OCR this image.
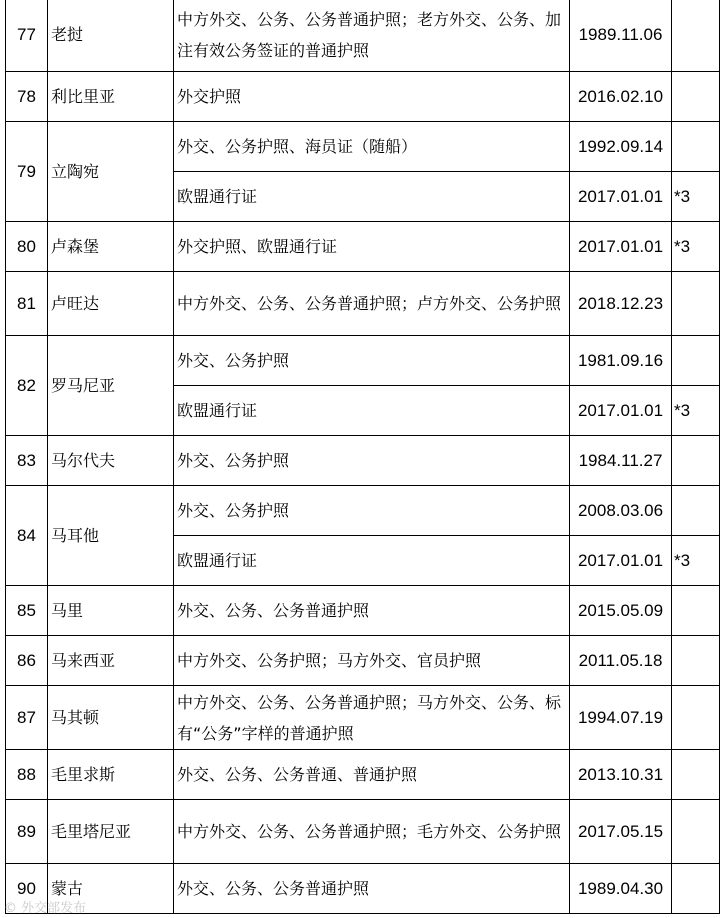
77	老挝	中方外交、公务、公务普通护照；老方外交、公务、加注有效公务签证的普通护照	1989.11.06	
78	利比里亚	外交护照	2016.02.10	
79	立陶宛	外交、公务护照、海员证（随船）	1992.09.14	
		欧盟通行证	2017.01.01	*3
80	卢森堡	外交护照、欧盟通行证	2017.01.01	*3
81	卢旺达	中方外交、公务、公务普通护照；卢方外交、公务护照	2018.12.23	
82	罗马尼亚	外交、公务护照	1981.09.16	
		欧盟通行证	2017.01.01	*3
83	马尔代夫	外交、公务护照	1984.11.27	
84	马耳他	外交、公务护照	2008.03.06	
		欧盟通行证	2017.01.01	*3
85	马里	外交、公务、公务普通护照	2015.05.09	
86	马来西亚	中方外交、公务护照；马方外交、官员护照	2011.05.18	
87	马其顿	中方外交、公务、公务普通护照；马方外交、公务、标有“公务”字样的普通护照	1994.07.19	
88	毛里求斯	外交、公务、公务普通、普通护照	2013.10.31	
89	毛里塔尼亚	中方外交、公务、公务普通护照；毛方外交、公务护照	2017.05.15	
90	蒙古	外交、公务、公务普通护照	1989.04.30	
© 外交部发布
